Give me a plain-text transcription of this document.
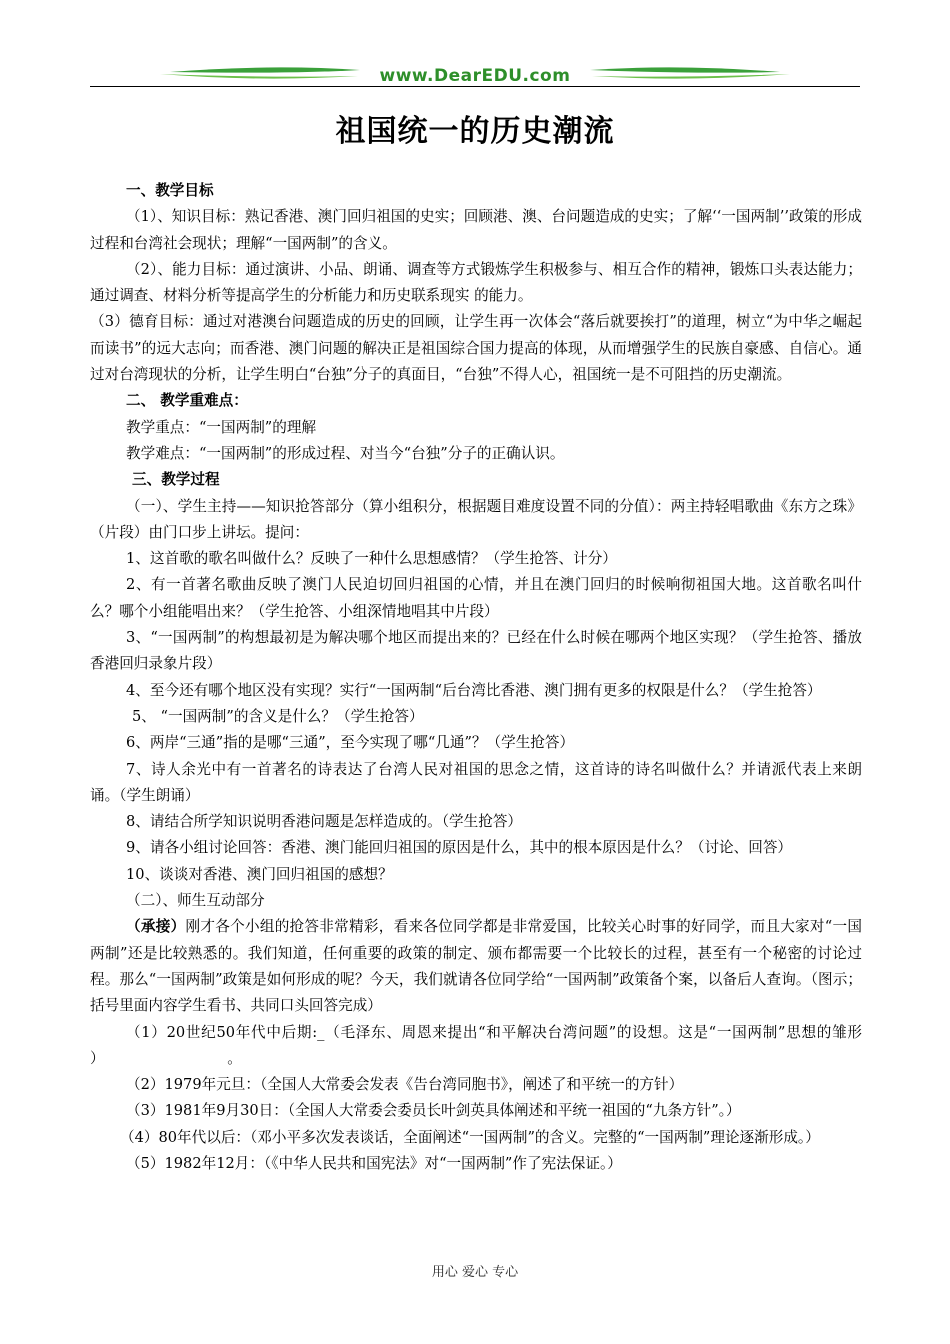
www.DearEDU.com
祖国统一的历史潮流

一、教学目标

（1）、知识目标：熟记香港、澳门回归祖国的史实；回顾港、澳、台问题造成的史实；了解‘‘一国两制’’政策的形成过程和台湾社会现状；理解“一国两制”的含义。

（2）、能力目标：通过演讲、小品、朗诵、调查等方式锻炼学生积极参与、相互合作的精神，锻炼口头表达能力；通过调查、材料分析等提高学生的分析能力和历史联系现实 的能力。

（3）德育目标：通过对港澳台问题造成的历史的回顾，让学生再一次体会“落后就要挨打”的道理，树立“为中华之崛起而读书”的远大志向；而香港、澳门问题的解决正是祖国综合国力提高的体现，从而增强学生的民族自豪感、自信心。通过对台湾现状的分析，让学生明白“台独”分子的真面目，“台独”不得人心，祖国统一是不可阻挡的历史潮流。

二、 教学重难点：

教学重点：“一国两制”的理解

教学难点：“一国两制”的形成过程、对当今“台独”分子的正确认识。

三、教学过程

（一）、学生主持——知识抢答部分（算小组积分，根据题目难度设置不同的分值）：两主持轻唱歌曲《东方之珠》（片段）由门口步上讲坛。提问：

1、这首歌的歌名叫做什么？反映了一种什么思想感情？（学生抢答、计分）

2、有一首著名歌曲反映了澳门人民迫切回归祖国的心情，并且在澳门回归的时候响彻祖国大地。这首歌名叫什么？哪个小组能唱出来？（学生抢答、小组深情地唱其中片段）

3、“一国两制”的构想最初是为解决哪个地区而提出来的？已经在什么时候在哪两个地区实现？（学生抢答、播放香港回归录象片段）

4、至今还有哪个地区没有实现？实行“一国两制“后台湾比香港、澳门拥有更多的权限是什么？（学生抢答）

5、 “一国两制”的含义是什么？（学生抢答）

6、两岸“三通”指的是哪“三通”，至今实现了哪“几通”？（学生抢答）

7、诗人余光中有一首著名的诗表达了台湾人民对祖国的思念之情，这首诗的诗名叫做什么？并请派代表上来朗诵。（学生朗诵）

8、请结合所学知识说明香港问题是怎样造成的。（学生抢答）

9、请各小组讨论回答：香港、澳门能回归祖国的原因是什么，其中的根本原因是什么？（讨论、回答）

10、谈谈对香港、澳门回归祖国的感想？

（二）、师生互动部分

（承接）刚才各个小组的抢答非常精彩，看来各位同学都是非常爱国，比较关心时事的好同学，而且大家对“一国两制”还是比较熟悉的。我们知道，任何重要的政策的制定、颁布都需要一个比较长的过程，甚至有一个秘密的讨论过程。那么“一国两制”政策是如何形成的呢？今天，我们就请各位同学给“一国两制”政策备个案，以备后人查询。（图示；括号里面内容学生看书、共同口头回答完成）

（1）20世纪50年代中后期:_（毛泽东、周恩来提出“和平解决台湾问题”的设想。这是“一国两制”思想的雏形 ）	。

（2）1979年元旦：（全国人大常委会发表《告台湾同胞书》，阐述了和平统一的方针）

（3）1981年9月30日：（全国人大常委会委员长叶剑英具体阐述和平统一祖国的“九条方针”。）

（4）80年代以后：（邓小平多次发表谈话，全面阐述“一国两制”的含义。完整的“一国两制”理论逐渐形成。）

（5）1982年12月：（《中华人民共和国宪法》对“一国两制”作了宪法保证。）

用心 爱心 专心
